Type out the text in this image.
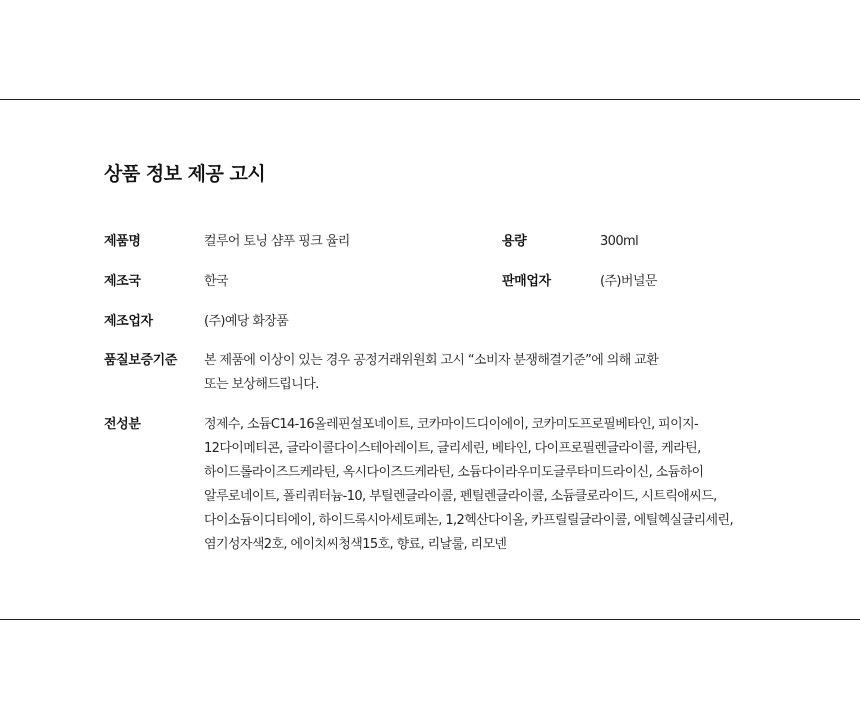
상품 정보 제공 고시
제품명	컬루어 토닝 샴푸 핑크 율리	용량	300ml
제조국	한국	판매업자	(주)버널문
제조업자	(주)예당 화장품
품질보증기준 본 제품에 이상이 있는 경우 공정거래위원회 고시 “소비자 분쟁해결기준”에 의해 교환
또는 보상해드립니다.
전성분	정제수, 소듐C14-16올레핀설포네이트, 코카마이드디이에이, 코카미도프로필베타인, 피이지-
12다이메티콘, 글라이콜다이스테아레이트, 글리세린, 베타인, 다이프로필렌글라이콜, 케라틴,
하이드롤라이즈드케라틴, 옥시다이즈드케라틴, 소듐다이라우미도글루타미드라이신, 소듐하이
알루로네이트, 폴리쿼터늄-10, 부틸렌글라이콜, 펜틸렌글라이콜, 소듐클로라이드, 시트릭애씨드,
다이소듐이디티에이, 하이드록시아세토페논, 1,2헥산다이올, 카프릴릴글라이콜, 에틸헥실글리세린,
염기성자색2호, 에이치씨청색15호, 향료, 리날룰, 리모넨
